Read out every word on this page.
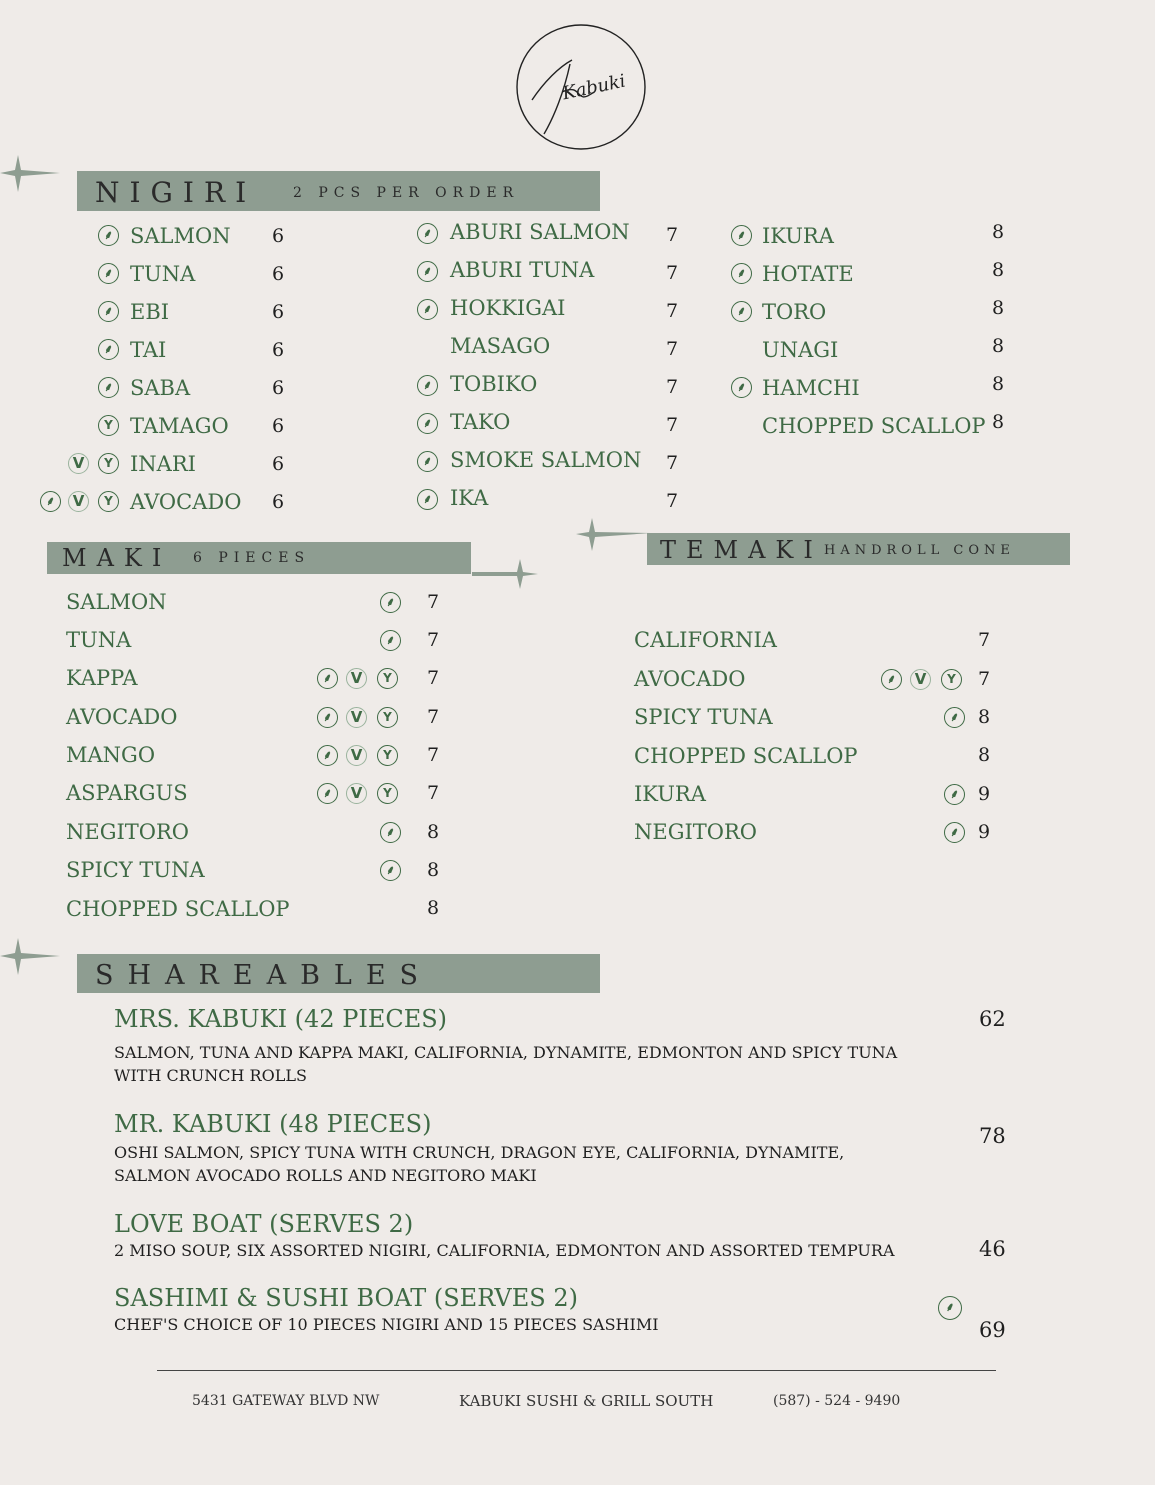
Kabuki
NIGIRI	2 PCS PER ORDER
⸙ SALMON 6
⸙ TUNA	6
⸙ EBI	6
⸙ TAI	6
⸙ SABA	6
Y TAMAGO 6
V	Y INARI	6
⸙	V	Y AVOCADO 6
⸙ ABURI SALMON 7
⸙ ABURI TUNA	7
⸙ HOKKIGAI	7
MASAGO	7
⸙ TOBIKO	7
⸙ TAKO	7
⸙ SMOKE SALMON 7
⸙ IKA	7
⸙ IKURA	8
⸙ HOTATE	8
⸙ TORO	8
UNAGI	8
⸙ HAMCHI	8
CHOPPED SCALLOP 8
MAKI 6 PIECES
SALMON	⸙	7
TUNA	⸙	7
KAPPA	⸙	V	Y	7
AVOCADO	⸙	V	Y	7
MANGO	⸙	V	Y	7
ASPARGUS	⸙	V	Y	7
NEGITORO	⸙	8
SPICY TUNA	⸙	8
CHOPPED SCALLOP	8
TEMAKI HANDROLL CONE
CALIFORNIA	7
AVOCADO	⸙	V	Y	7
SPICY TUNA	⸙	8
CHOPPED SCALLOP	8
IKURA	⸙	9
NEGITORO	⸙	9
SHAREABLES
MRS. KABUKI (42 PIECES)	62
SALMON, TUNA AND KAPPA MAKI, CALIFORNIA, DYNAMITE, EDMONTON AND SPICY TUNA WITH CRUNCH ROLLS
MR. KABUKI (48 PIECES)	78
OSHI SALMON, SPICY TUNA WITH CRUNCH, DRAGON EYE, CALIFORNIA, DYNAMITE, SALMON AVOCADO ROLLS AND NEGITORO MAKI
LOVE BOAT (SERVES 2)
46
2 MISO SOUP, SIX ASSORTED NIGIRI, CALIFORNIA, EDMONTON AND ASSORTED TEMPURA
SASHIMI & SUSHI BOAT (SERVES 2)	⸙
69
CHEF'S CHOICE OF 10 PIECES NIGIRI AND 15 PIECES SASHIMI
5431 GATEWAY BLVD NW	KABUKI SUSHI & GRILL SOUTH	(587) - 524 - 9490
